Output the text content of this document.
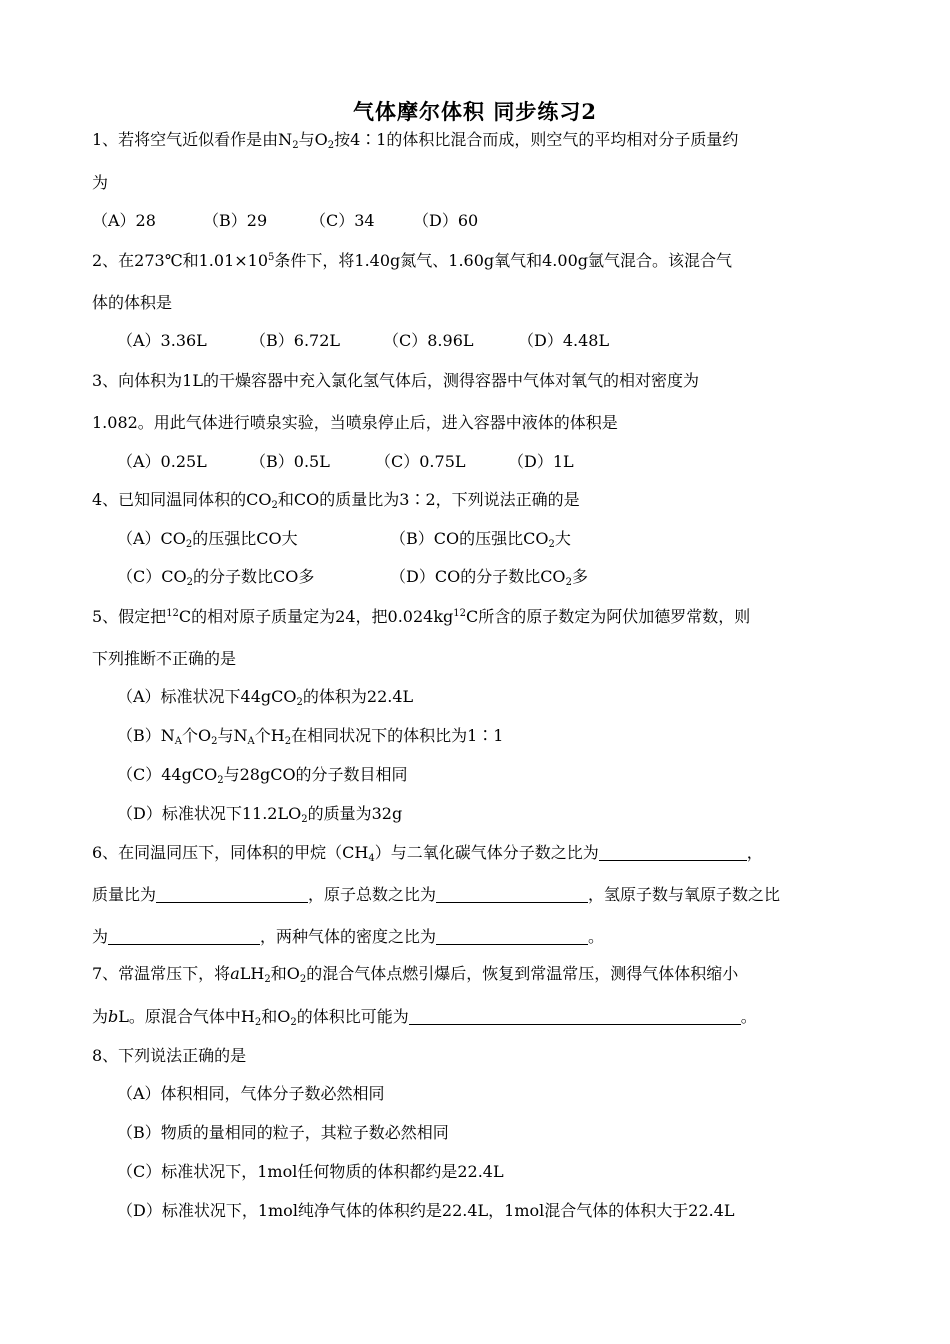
气体摩尔体积 同步练习2
1、若将空气近似看作是由$N_2$与$O_2$按4∶1的体积比混合而成，则空气的平均相对分子质量约
为
（A）28	（B）29	（C）34 （D）60
2、在273℃和$1.01\times 10^5$条件下，将1.40g氮气、1.60g氧气和4.00g氩气混合。该混合气
体的体积是
（A）3.36L	（B）6.72L	（C）8.96L	（D）4.48L
3、向体积为1L的干燥容器中充入氯化氢气体后，测得容器中气体对氧气的相对密度为
1.082。用此气体进行喷泉实验，当喷泉停止后，进入容器中液体的体积是
（A）0.25L	（B）0.5L	（C）0.75L	（D）1L
4、已知同温同体积的$CO_2$和CO的质量比为3∶2，下列说法正确的是
$(A)CO_2$的压强比CO大	（B）CO的压强比$CO_2$大
$(C)CO_2$的分子数比CO多	（D）CO的分子数比$CO_2$多
5、假定把$^{12}$C的相对原子质量定为24，把$0.024kg^{12}C$所含的原子数定为阿伏加德罗常数，则
下列推断不正确的是
（A）标准状况下44gCO$_2$的体积为22.4L
$(B)N_A$个$O_2$与$N_A$个$H_2$在相同状况下的体积比为1∶1
（C）44gCO$_2$与28gCO的分子数目相同
（D）标准状况下$11.2LO_2$的质量为32g
6、在同温同压下，同体积的甲烷$(CH_4)$与二氧化碳气体分子数之比为	，
质量比为	，原子总数之比为	，氢原子数与氧原子数之比
为	，两种气体的密度之比为	。
7、常温常压下，将aLH$_2$和$O_2$的混合气体点燃引爆后，恢复到常温常压，测得气体体积缩小
为bL。原混合气体中$H_2$和$O_2$的体积比可能为	。
8、下列说法正确的是
（A）体积相同，气体分子数必然相同
（B）物质的量相同的粒子，其粒子数必然相同
（C）标准状况下，1mol任何物质的体积都约是22.4L
（D）标准状况下，1mol纯净气体的体积约是22.4L，1mol混合气体的体积大于22.4L
